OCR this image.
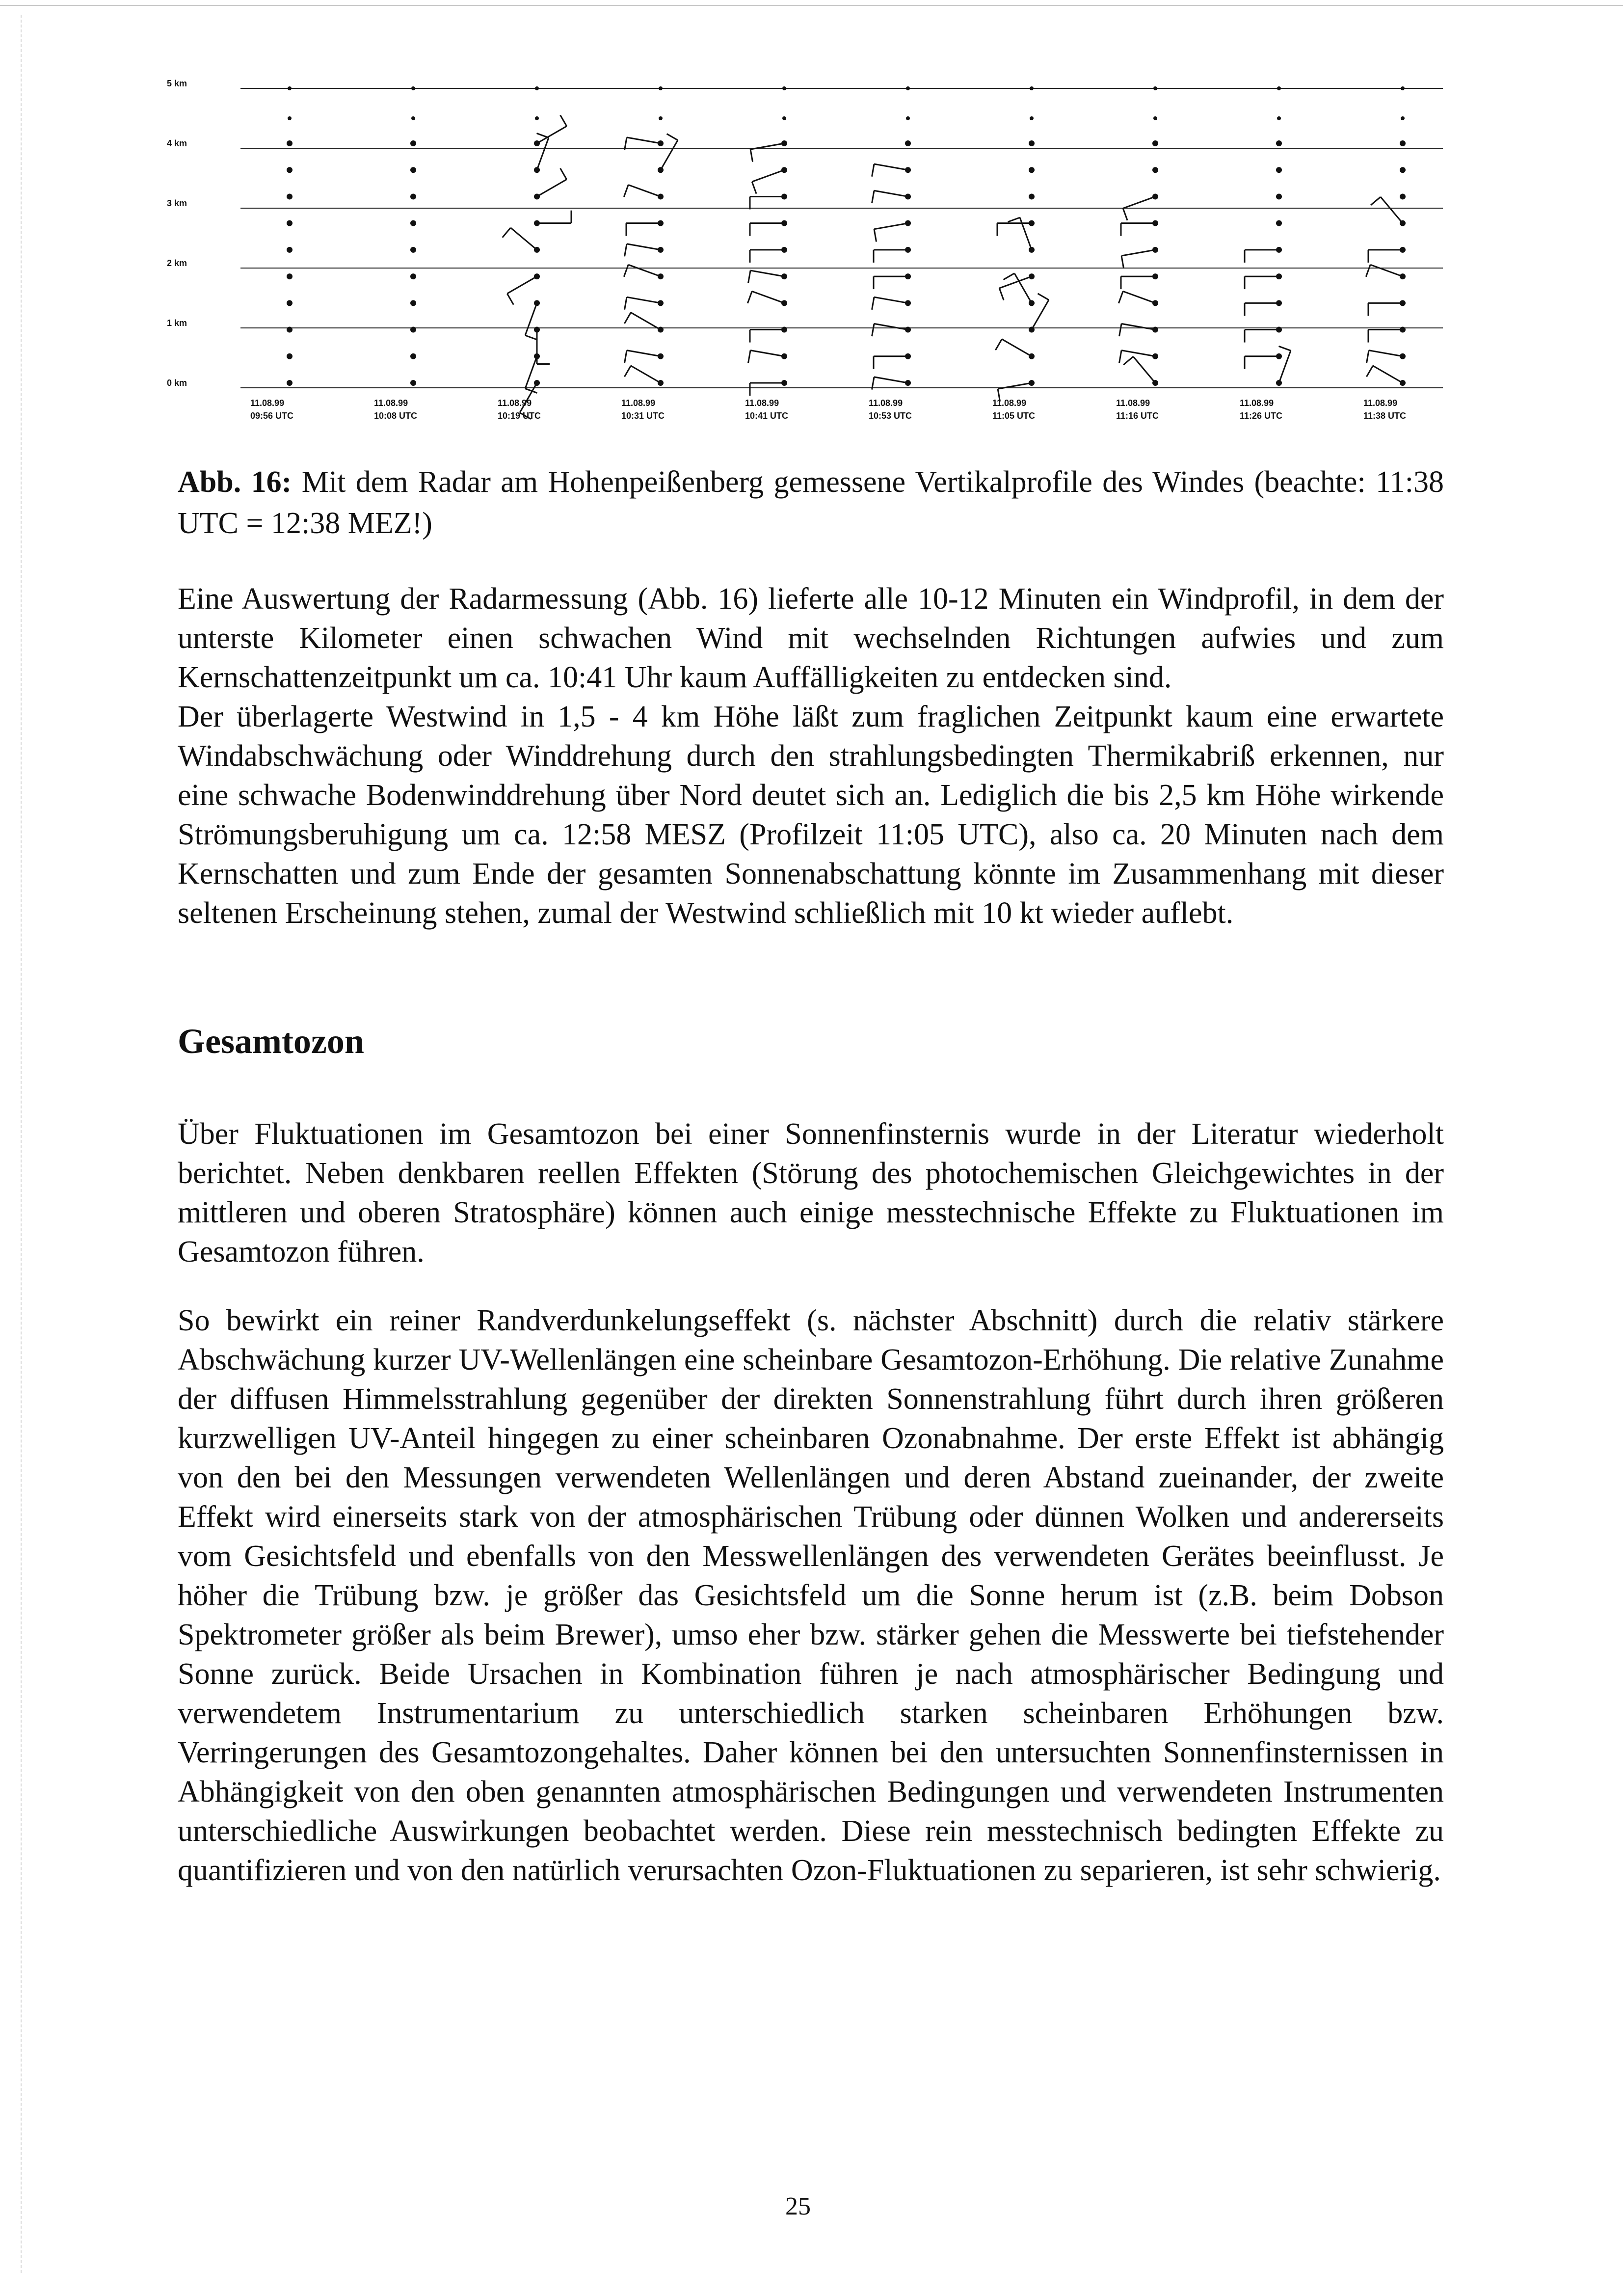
5 km
4 km
3 km
2 km
1 km
0 km
11.08.99
09:56 UTC
11.08.99
10:08 UTC
11.08.99
10:19 UTC
11.08.99
10:31 UTC
11.08.99
10:41 UTC
11.08.99
10:53 UTC
11.08.99
11:05 UTC
11.08.99
11:16 UTC
11.08.99
11:26 UTC
11.08.99
11:38 UTC
Abb. 16: Mit dem Radar am Hohenpeißenberg gemessene Vertikalprofile des Windes (beachte: 11:38 UTC = 12:38 MEZ!)

Eine Auswertung der Radarmessung (Abb. 16) lieferte alle 10-12 Minuten ein Windprofil, in dem der unterste Kilometer einen schwachen Wind mit wechselnden Richtungen aufwies und zum Kernschattenzeitpunkt um ca. 10:41 Uhr kaum Auffälligkeiten zu entdecken sind.

Der überlagerte Westwind in 1,5 - 4 km Höhe läßt zum fraglichen Zeitpunkt kaum eine erwartete Windabschwächung oder Winddrehung durch den strahlungsbedingten Thermikabriß erkennen, nur eine schwache Bodenwinddrehung über Nord deutet sich an. Lediglich die bis 2,5 km Höhe wirkende Strömungsberuhigung um ca. 12:58 MESZ (Profilzeit 11:05 UTC), also ca. 20 Minuten nach dem Kernschatten und zum Ende der gesamten Sonnenabschattung könnte im Zusammenhang mit dieser seltenen Erscheinung stehen, zumal der Westwind schließlich mit 10 kt wieder auflebt.

Gesamtozon

Über Fluktuationen im Gesamtozon bei einer Sonnenfinsternis wurde in der Literatur wiederholt berichtet. Neben denkbaren reellen Effekten (Störung des photochemischen Gleichgewichtes in der mittleren und oberen Stratosphäre) können auch einige messtechnische Effekte zu Fluktuationen im Gesamtozon führen.

So bewirkt ein reiner Randverdunkelungseffekt (s. nächster Abschnitt) durch die relativ stärkere Abschwächung kurzer UV-Wellenlängen eine scheinbare Gesamtozon-Erhöhung. Die relative Zunahme der diffusen Himmelsstrahlung gegenüber der direkten Sonnenstrahlung führt durch ihren größeren kurzwelligen UV-Anteil hingegen zu einer scheinbaren Ozonabnahme. Der erste Effekt ist abhängig von den bei den Messungen verwendeten Wellenlängen und deren Abstand zueinander, der zweite Effekt wird einerseits stark von der atmosphärischen Trübung oder dünnen Wolken und andererseits vom Gesichtsfeld und ebenfalls von den Messwellenlängen des verwendeten Gerätes beeinflusst. Je höher die Trübung bzw. je größer das Gesichtsfeld um die Sonne herum ist (z.B. beim Dobson Spektrometer größer als beim Brewer), umso eher bzw. stärker gehen die Messwerte bei tiefstehender Sonne zurück. Beide Ursachen in Kombination führen je nach atmosphärischer Bedingung und verwendetem Instrumentarium zu unterschiedlich starken scheinbaren Erhöhungen bzw. Verringerungen des Gesamtozongehaltes. Daher können bei den untersuchten Sonnenfinsternissen in Abhängigkeit von den oben genannten atmosphärischen Bedingungen und verwendeten Instrumenten unterschiedliche Auswirkungen beobachtet werden. Diese rein messtechnisch bedingten Effekte zu quantifizieren und von den natürlich verursachten Ozon-Fluktuationen zu separieren, ist sehr schwierig.

25
